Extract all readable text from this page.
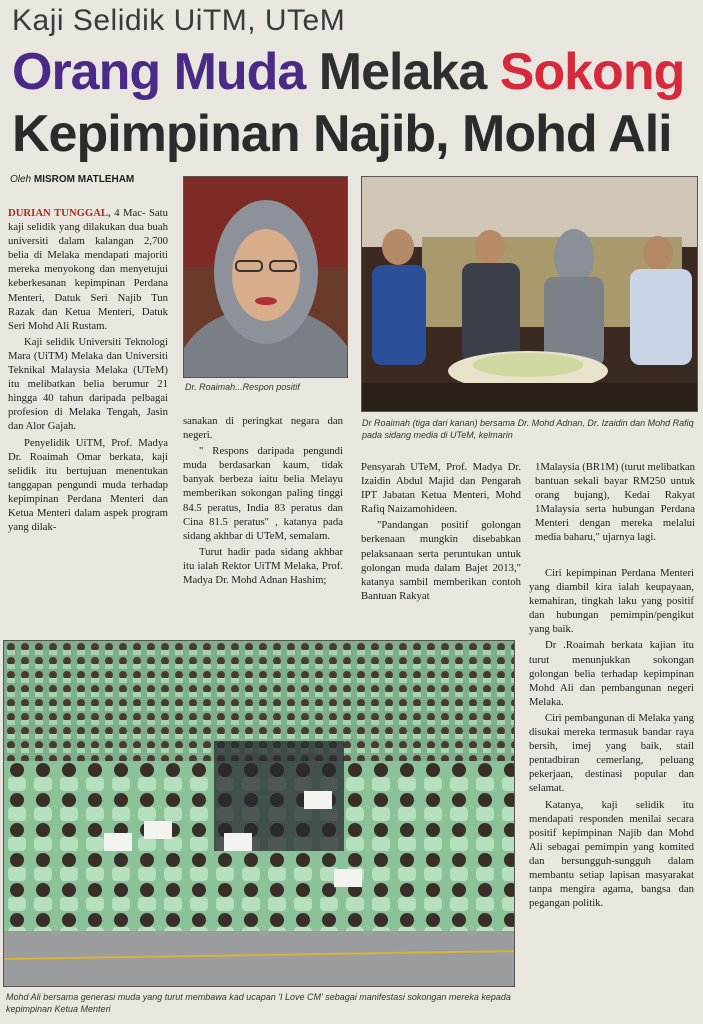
Kaji Selidik UiTM, UTeM
Orang Muda Melaka Sokong
Kepimpinan Najib, Mohd Ali
Oleh MISROM MATLEHAM

DURIAN TUNGGAL, 4 Mac- Satu kaji selidik yang dilakukan dua buah universiti dalam kalangan 2,700 belia di Melaka mendapati majoriti mereka menyokong dan menyetujui keberkesanan kepimpinan Perdana Menteri, Datuk Seri Najib Tun Razak dan Ketua Menteri, Datuk Seri Mohd Ali Rustam.

Kaji selidik Universiti Teknologi Mara (UiTM) Melaka dan Universiti Teknikal Malaysia Melaka (UTeM) itu melibatkan belia berumur 21 hingga 40 tahun daripada pelbagai profesion di Melaka Tengah, Jasin dan Alor Gajah.

Penyelidik UiTM, Prof. Madya Dr. Roaimah Omar berkata, kaji selidik itu bertujuan menentukan tanggapan pengundi muda terhadap kepimpinan Perdana Menteri dan Ketua Menteri dalam aspek program yang dilak-

Dr. Roaimah...Respon positif
Dr Roaimah (tiga dari kanan) bersama Dr. Mohd Adnan, Dr. Izaidin dan Mohd Rafiq pada sidang media di UTeM, kelmarin

sanakan di peringkat negara dan negeri.

" Respons daripada pengundi muda berdasarkan kaum, tidak banyak berbeza iaitu belia Melayu memberikan sokongan paling tinggi 84.5 peratus, India 83 peratus dan Cina 81.5 peratus" , katanya pada sidang akhbar di UTeM, semalam.

Turut hadir pada sidang akhbar itu ialah Rektor UiTM Melaka, Prof. Madya Dr. Mohd Adnan Hashim;

Pensyarah UTeM, Prof. Madya Dr. Izaidin Abdul Majid dan Pengarah IPT Jabatan Ketua Menteri, Mohd Rafiq Naizamohideen.

"Pandangan positif golongan berkenaan mungkin disebabkan pelaksanaan serta peruntukan untuk golongan muda dalam Bajet 2013," katanya sambil memberikan contoh Bantuan Rakyat

1Malaysia (BR1M) (turut melibatkan bantuan sekali bayar RM250 untuk orang bujang), Kedai Rakyat 1Malaysia serta hubungan Perdana Menteri dengan mereka melalui media baharu," ujarnya lagi.

Ciri kepimpinan Perdana Menteri yang diambil kira ialah keupayaan, kemahiran, tingkah laku yang positif dan hubungan pemimpin/pengikut yang baik.

Dr .Roaimah berkata kajian itu turut menunjukkan sokongan golongan belia terhadap kepimpinan Mohd Ali dan pembangunan negeri Melaka.

Ciri pembangunan di Melaka yang disukai mereka termasuk bandar raya bersih, imej yang baik, stail pentadbiran cemerlang, peluang pekerjaan, destinasi popular dan selamat.

Katanya, kaji selidik itu mendapati responden menilai secara positif kepimpinan Najib dan Mohd Ali sebagai pemimpin yang komited dan bersungguh-sungguh dalam membantu setiap lapisan masyarakat tanpa mengira agama, bangsa dan pegangan politik.

Mohd Ali bersama generasi muda yang turut membawa kad ucapan 'I Love CM' sebagai manifestasi sokongan mereka kepada kepimpinan Ketua Menteri
